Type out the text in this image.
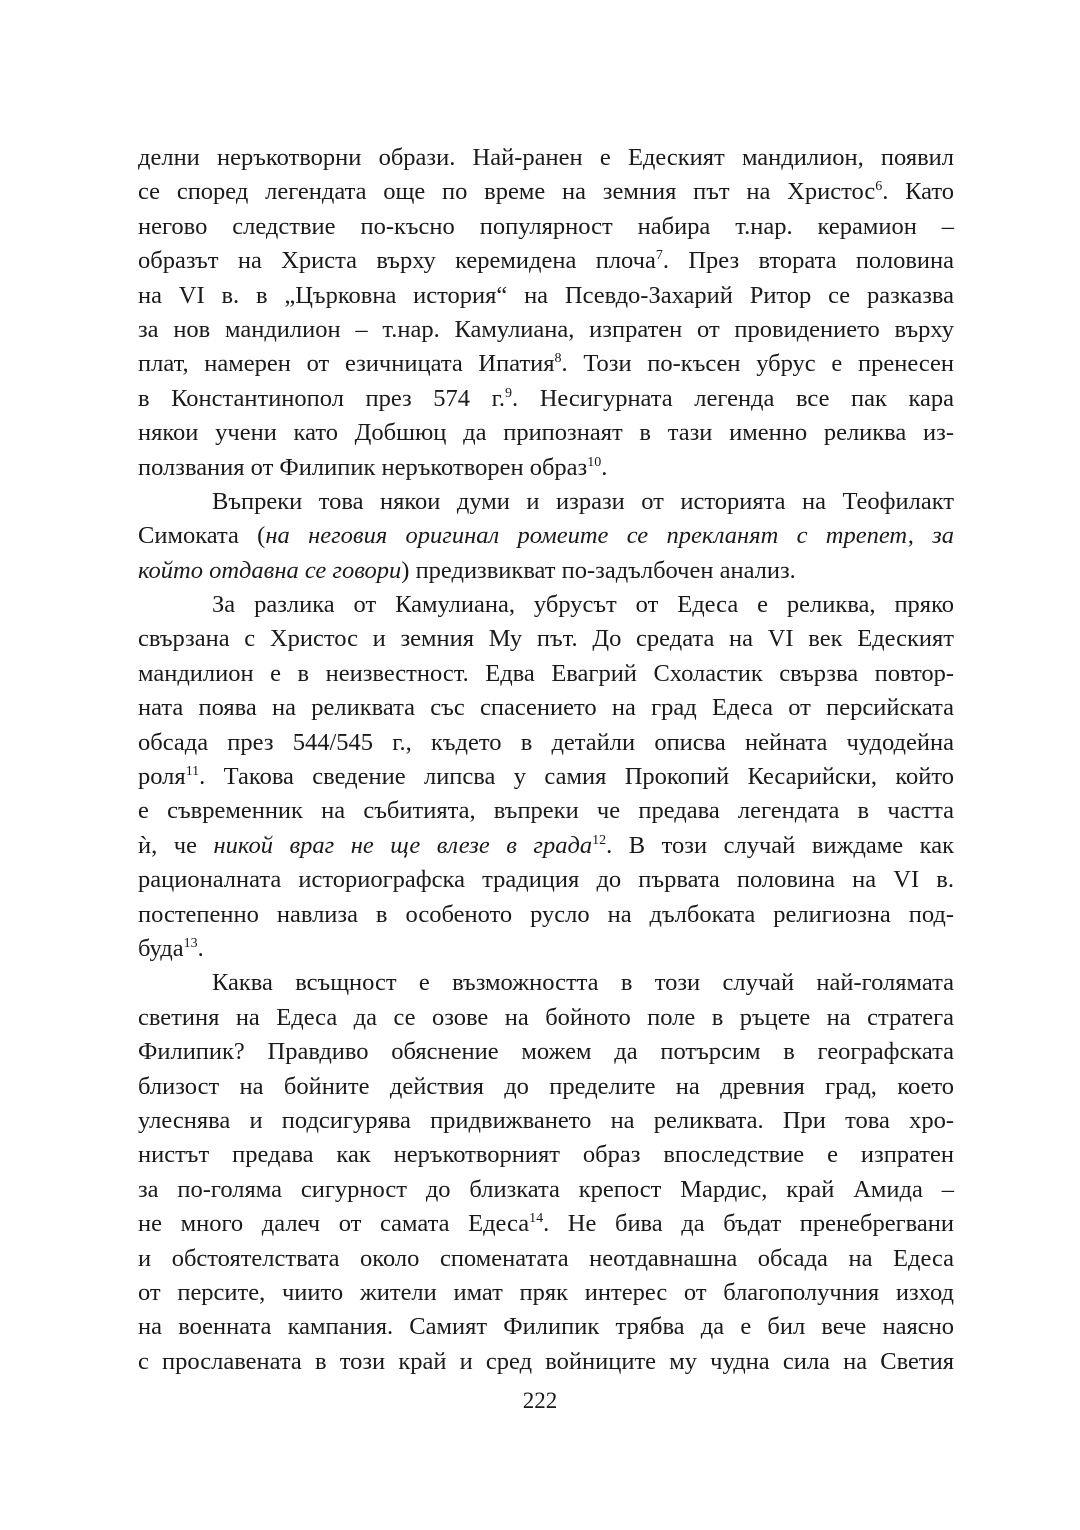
делни неръкотворни образи. Най-ранен е Едеският мандилион, появил
се според легендата още по време на земния път на Христос$^6$. Като
негово следствие по-късно популярност набира т.нар. керамион –
образът на Христа върху керемидена плоча$^7$. През втората половина
на VI в. в „Църковна история“ на Псевдо-Захарий Ритор се разказва
за нов мандилион – т.нар. Камулиана, изпратен от провидението върху
плат, намерен от езичницата Ипатия$^8$. Този по-късен убрус е пренесен
в Константинопол през 574 г.$^9$. Несигурната легенда все пак кара
някои учени като Добшюц да припознаят в тази именно реликва из-
ползвания от Филипик неръкотворен образ$^{10}$.
Въпреки това някои думи и изрази от историята на Теофилакт
Симоката (на неговия оригинал ромеите се прекланят с трепет, за
който отдавна се говори) предизвикват по-задълбочен анализ.
За разлика от Камулиана, убрусът от Едеса е реликва, пряко
свързана с Христос и земния Му път. До средата на VI век Едеският
мандилион е в неизвестност. Едва Евагрий Схоластик свързва повтор-
ната поява на реликвата със спасението на град Едеса от персийската
обсада през 544/545 г., където в детайли описва нейната чудодейна
роля$^{11}$. Такова сведение липсва у самия Прокопий Кесарийски, който
е съвременник на събитията, въпреки че предава легендата в частта
ѝ, че никой враг не ще влезе в града$^{12}$. В този случай виждаме как
рационалната историографска традиция до първата половина на VI в.
постепенно навлиза в особеното русло на дълбоката религиозна под-
буда$^{13}$.
Каква всъщност е възможността в този случай най-голямата
светиня на Едеса да се озове на бойното поле в ръцете на стратега
Филипик? Правдиво обяснение можем да потърсим в географската
близост на бойните действия до пределите на древния град, което
улеснява и подсигурява придвижването на реликвата. При това хро-
нистът предава как неръкотворният образ впоследствие е изпратен
за по-голяма сигурност до близката крепост Мардис, край Амида –
не много далеч от самата Едеса$^{14}$. Не бива да бъдат пренебрегвани
и обстоятелствата около споменатата неотдавнашна обсада на Едеса
от персите, чиито жители имат пряк интерес от благополучния изход
на военната кампания. Самият Филипик трябва да е бил вече наясно
с прославената в този край и сред войниците му чудна сила на Светия
222
